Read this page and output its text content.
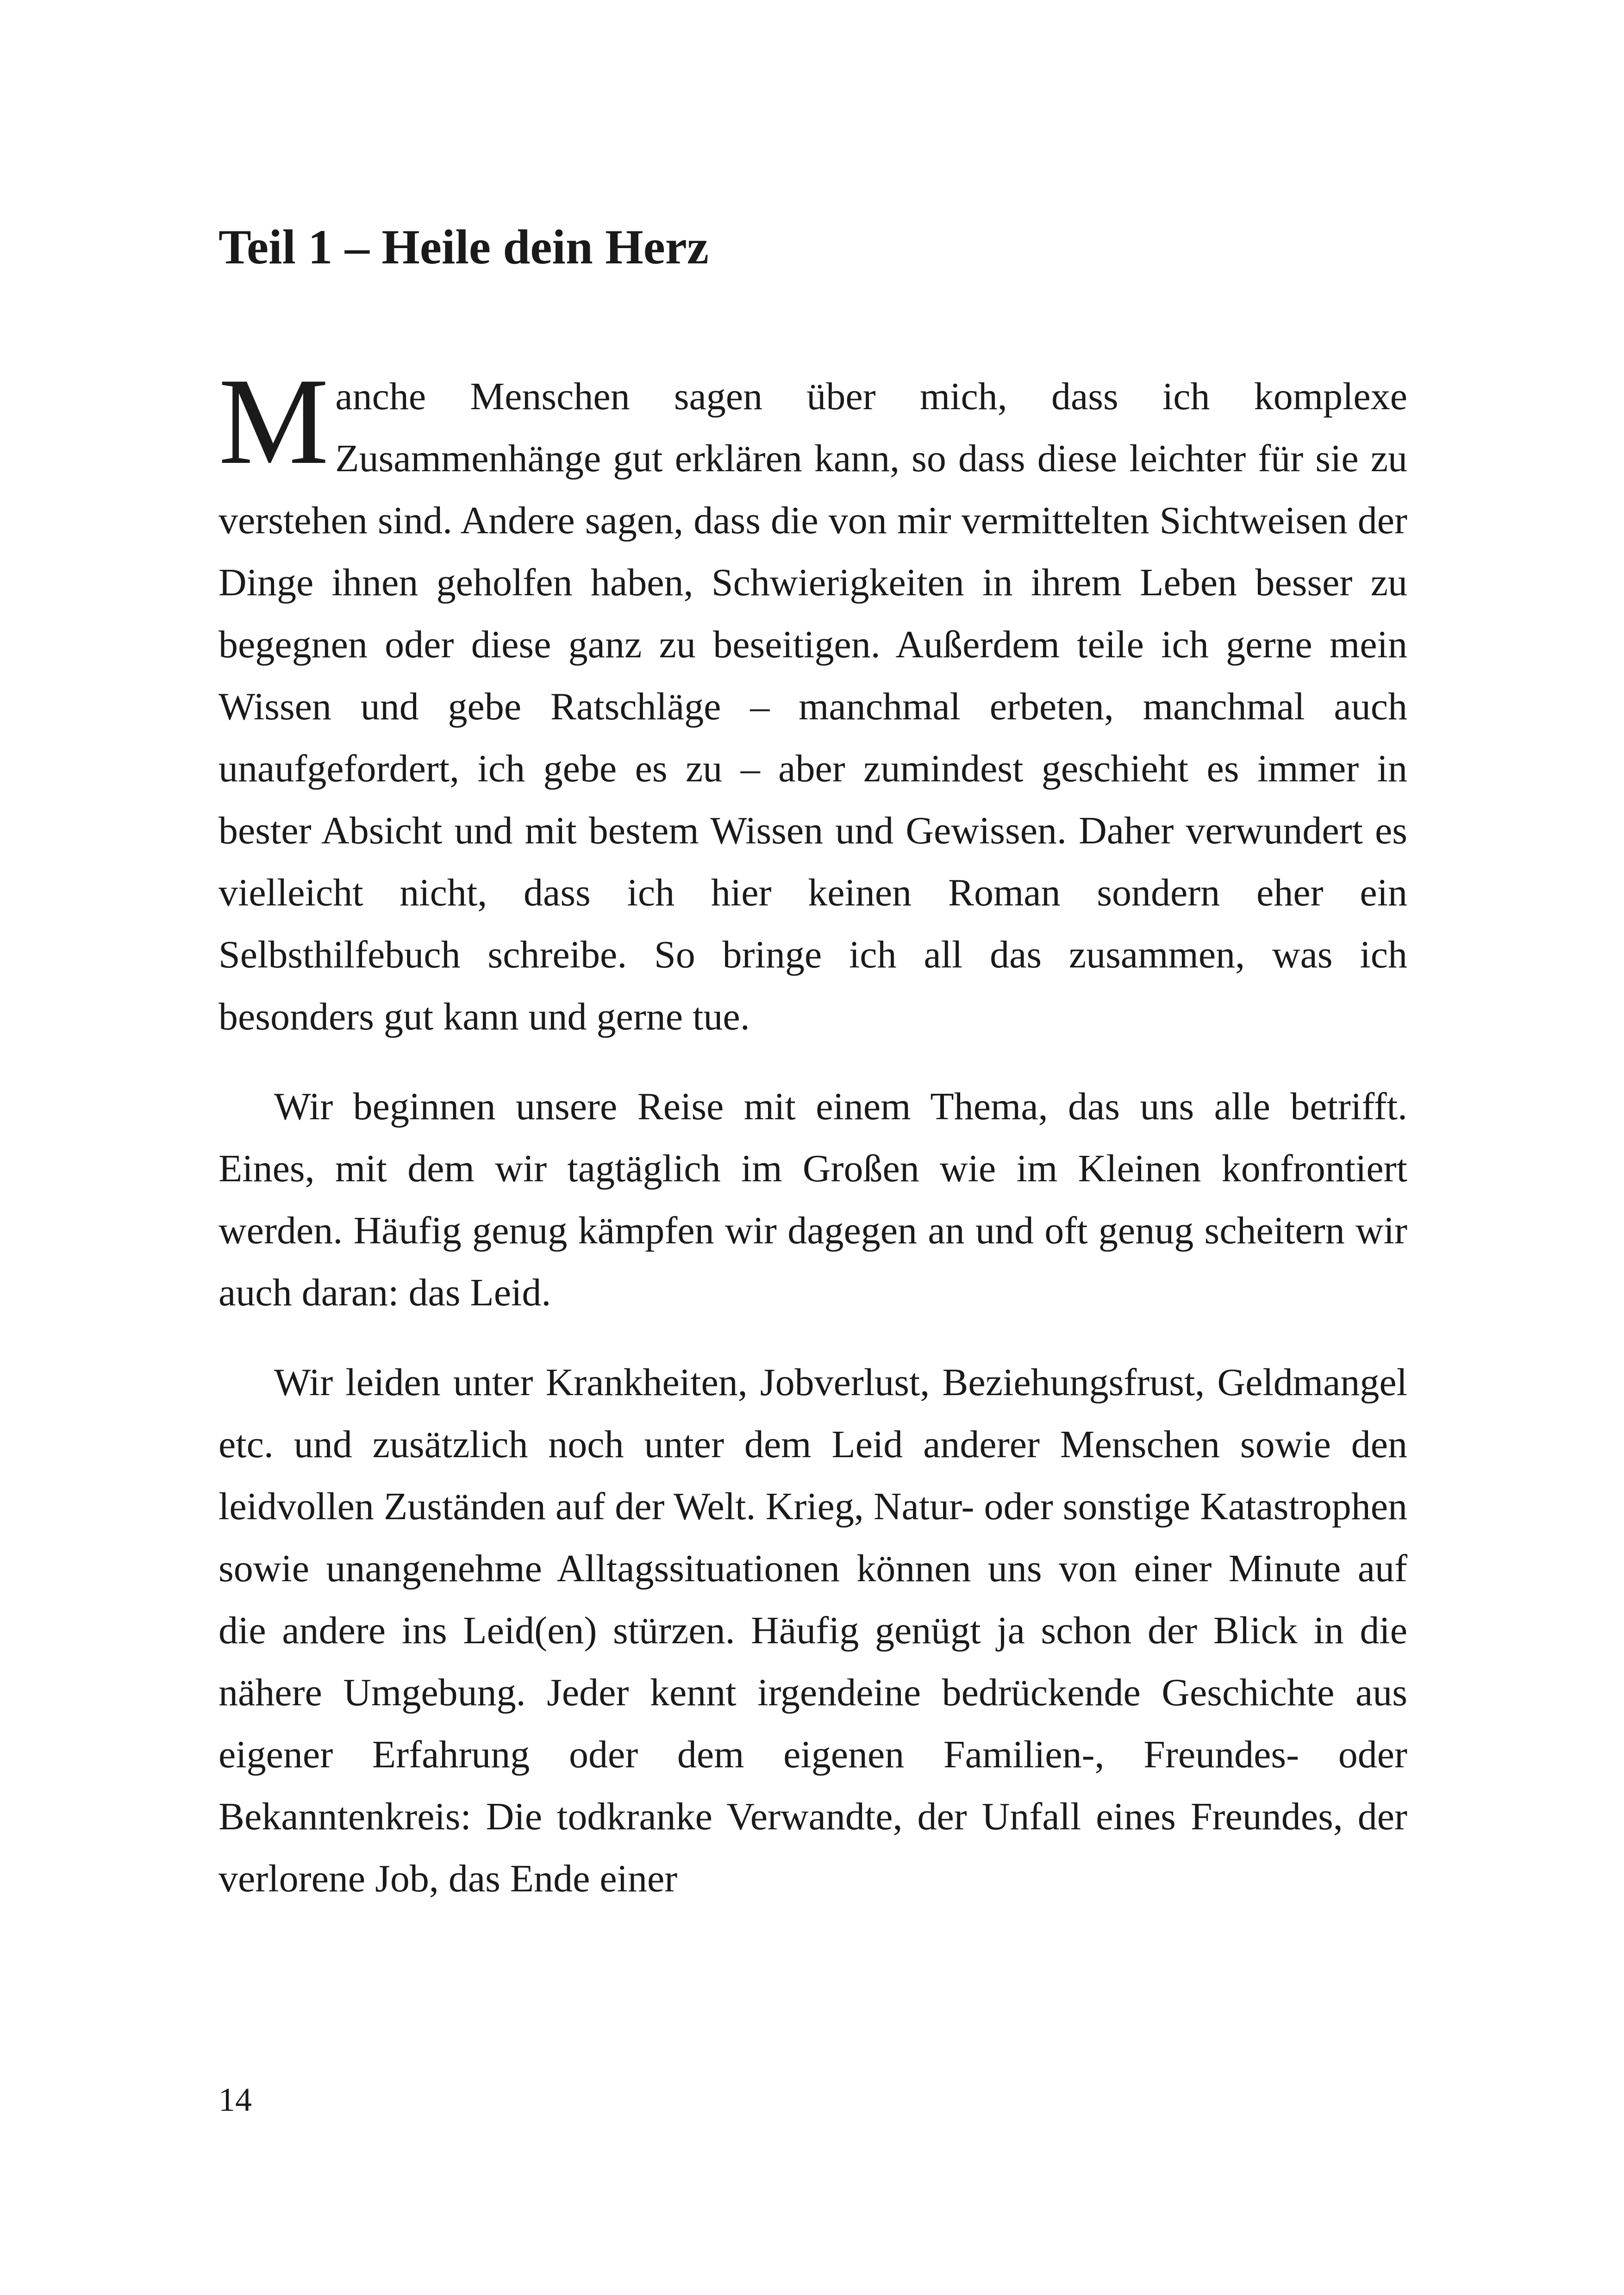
Teil 1 – Heile dein Herz

Manche Menschen sagen über mich, dass ich komplexe Zusammenhänge gut erklären kann, so dass diese leichter für sie zu verstehen sind. Andere sagen, dass die von mir vermittelten Sichtweisen der Dinge ihnen geholfen haben, Schwierigkeiten in ihrem Leben besser zu begegnen oder diese ganz zu beseitigen. Außerdem teile ich gerne mein Wissen und gebe Ratschläge – manchmal erbeten, manchmal auch unaufgefordert, ich gebe es zu – aber zumindest geschieht es immer in bester Absicht und mit bestem Wissen und Gewissen. Daher verwundert es vielleicht nicht, dass ich hier keinen Roman sondern eher ein Selbsthilfebuch schreibe. So bringe ich all das zusammen, was ich besonders gut kann und gerne tue.

Wir beginnen unsere Reise mit einem Thema, das uns alle betrifft. Eines, mit dem wir tagtäglich im Großen wie im Kleinen konfrontiert werden. Häufig genug kämpfen wir dagegen an und oft genug scheitern wir auch daran: das Leid.

Wir leiden unter Krankheiten, Jobverlust, Beziehungsfrust, Geldmangel etc. und zusätzlich noch unter dem Leid anderer Menschen sowie den leidvollen Zuständen auf der Welt. Krieg, Natur- oder sonstige Katastrophen sowie unangenehme Alltagssituationen können uns von einer Minute auf die andere ins Leid(en) stürzen. Häufig genügt ja schon der Blick in die nähere Umgebung. Jeder kennt irgendeine bedrückende Geschichte aus eigener Erfahrung oder dem eigenen Familien-, Freundes- oder Bekanntenkreis: Die todkranke Verwandte, der Unfall eines Freundes, der verlorene Job, das Ende einer

14
